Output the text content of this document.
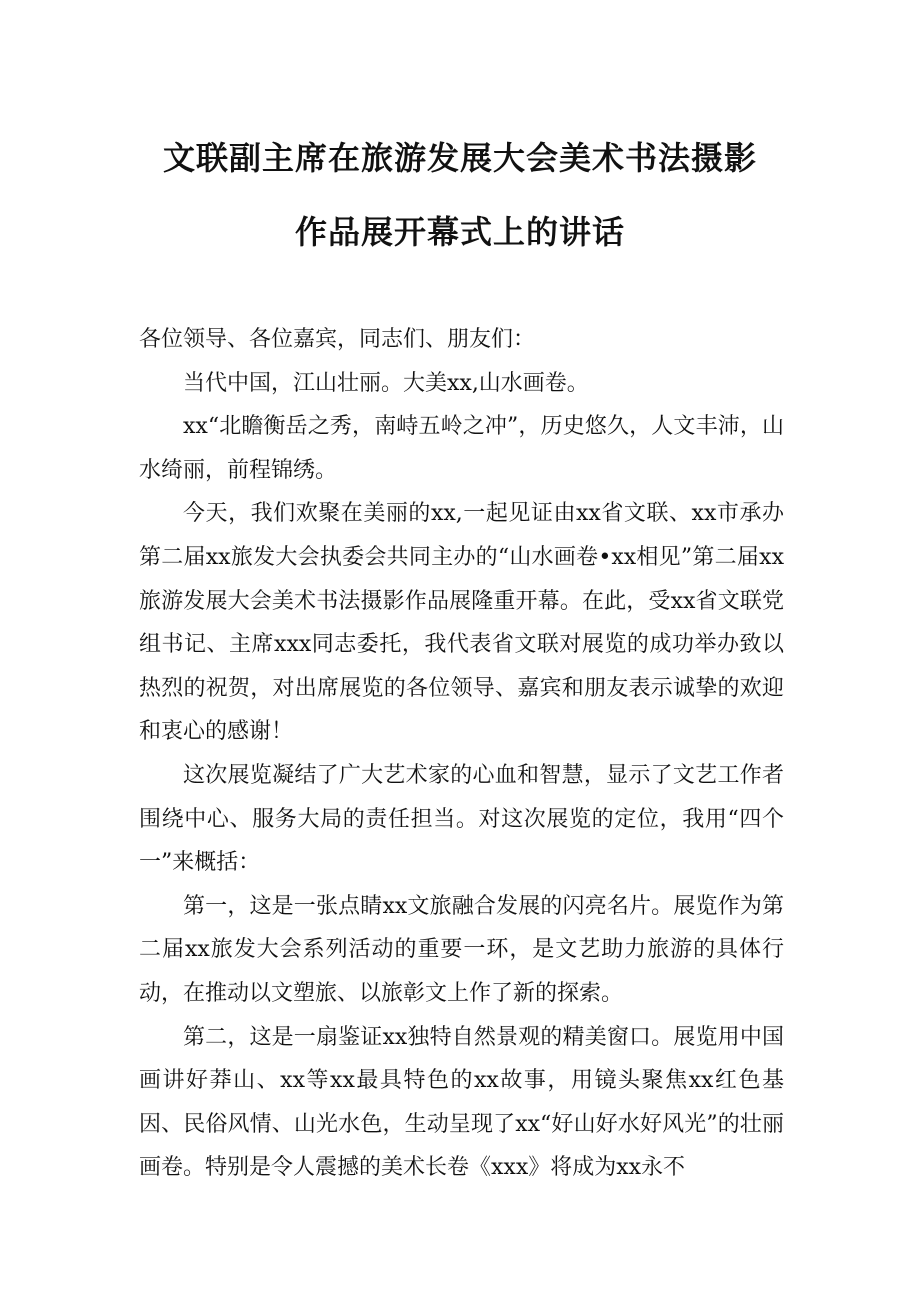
文联副主席在旅游发展大会美术书法摄影
作品展开幕式上的讲话

各位领导、各位嘉宾，同志们、朋友们：

当代中国，江山壮丽。大美xx,山水画卷。

xx“北瞻衡岳之秀，南峙五岭之冲”，历史悠久，人文丰沛，山水绮丽，前程锦绣。

今天，我们欢聚在美丽的xx,一起见证由xx省文联、xx市承办第二届xx旅发大会执委会共同主办的“山水画卷•xx相见”第二届xx旅游发展大会美术书法摄影作品展隆重开幕。在此，受xx省文联党组书记、主席xxx同志委托，我代表省文联对展览的成功举办致以热烈的祝贺，对出席展览的各位领导、嘉宾和朋友表示诚挚的欢迎和衷心的感谢！

这次展览凝结了广大艺术家的心血和智慧，显示了文艺工作者围绕中心、服务大局的责任担当。对这次展览的定位，我用“四个一”来概括：

第一，这是一张点睛xx文旅融合发展的闪亮名片。展览作为第二届xx旅发大会系列活动的重要一环，是文艺助力旅游的具体行动，在推动以文塑旅、以旅彰文上作了新的探索。

第二，这是一扇鉴证xx独特自然景观的精美窗口。展览用中国画讲好莽山、xx等xx最具特色的xx故事，用镜头聚焦xx红色基因、民俗风情、山光水色，生动呈现了xx“好山好水好风光”的壮丽画卷。特别是令人震撼的美术长卷《xxx》将成为xx永不
